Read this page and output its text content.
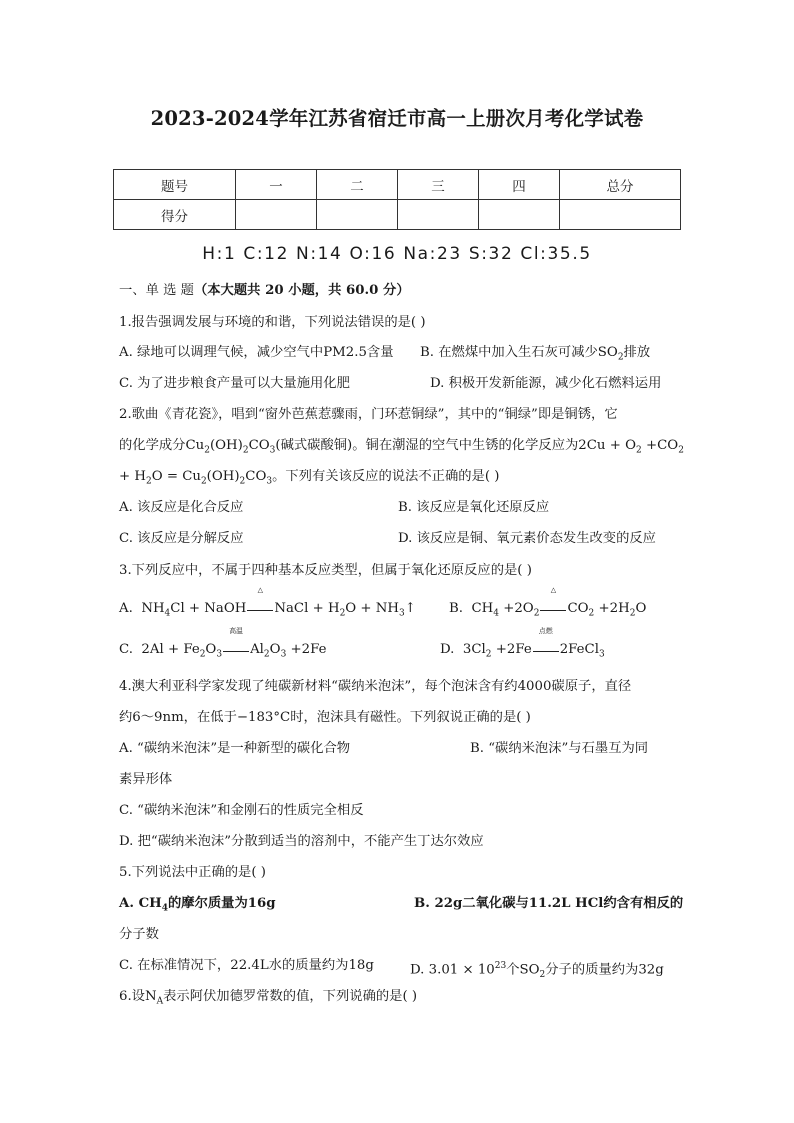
2023-2024学年江苏省宿迁市高一上册次月考化学试卷
题号	一	二	三	四	总分
得分					
H:1 C:12 N:14 O:16 Na:23 S:32 Cl:35.5
一、单 选 题（本大题共 20 小题，共 60.0 分）
1.报告强调发展与环境的和谐，下列说法错误的是( )
A. 绿地可以调理气候，减少空气中PM2.5含量 B. 在燃煤中加入生石灰可减少$SO_2$排放
C. 为了进步粮食产量可以大量施用化肥	D. 积极开发新能源，减少化石燃料运用
2.歌曲《青花瓷》，唱到“窗外芭蕉惹骤雨，门环惹铜绿”，其中的“铜绿”即是铜锈，它
的化学成分$Cu_2(OH)_2CO_3$(碱式碳酸铜)。铜在潮湿的空气中生锈的化学反应为$2Cu + O_2 +CO_2$
+ $H_2O = Cu_2(OH)_2CO_3$。下列有关该反应的说法不正确的是( )
A. 该反应是化合反应	B. 该反应是氧化还原反应
C. 该反应是分解反应	D. 该反应是铜、氧元素价态发生改变的反应
3.下列反应中，不属于四种基本反应类型，但属于氧化还原反应的是( )
A. $NH_4Cl$ + NaOH
△
NaCl + $H_2O$ + $NH_3↑$ B. $CH_4 +2O_2$
△
$CO_2 +2H_2O$
C. $2Al + Fe_2O_3$
高温
$Al_2O_3 +2Fe$	D. $3Cl_2 +2Fe$
点燃
2FeCl$_3$
4.澳大利亚科学家发现了纯碳新材料“碳纳米泡沫”，每个泡沫含有约4000碳原子，直径
约6～9nm，在低于−183°C时，泡沫具有磁性。下列叙说正确的是( )
A. “碳纳米泡沫”是一种新型的碳化合物	B. “碳纳米泡沫”与石墨互为同
素异形体
C. “碳纳米泡沫”和金刚石的性质完全相反
D. 把“碳纳米泡沫”分散到适当的溶剂中，不能产生丁达尔效应
5.下列说法中正确的是( )
A. $CH_4$的摩尔质量为16g	B. 22g二氧化碳与11.2L HCl约含有相反的
分子数
C. 在标准情况下，22.4L水的质量约为18g	D. $3.01 \times 10^{23}$个$SO_2$分子的质量约为32g
6.设$N_A$表示阿伏加德罗常数的值，下列说确的是( )
